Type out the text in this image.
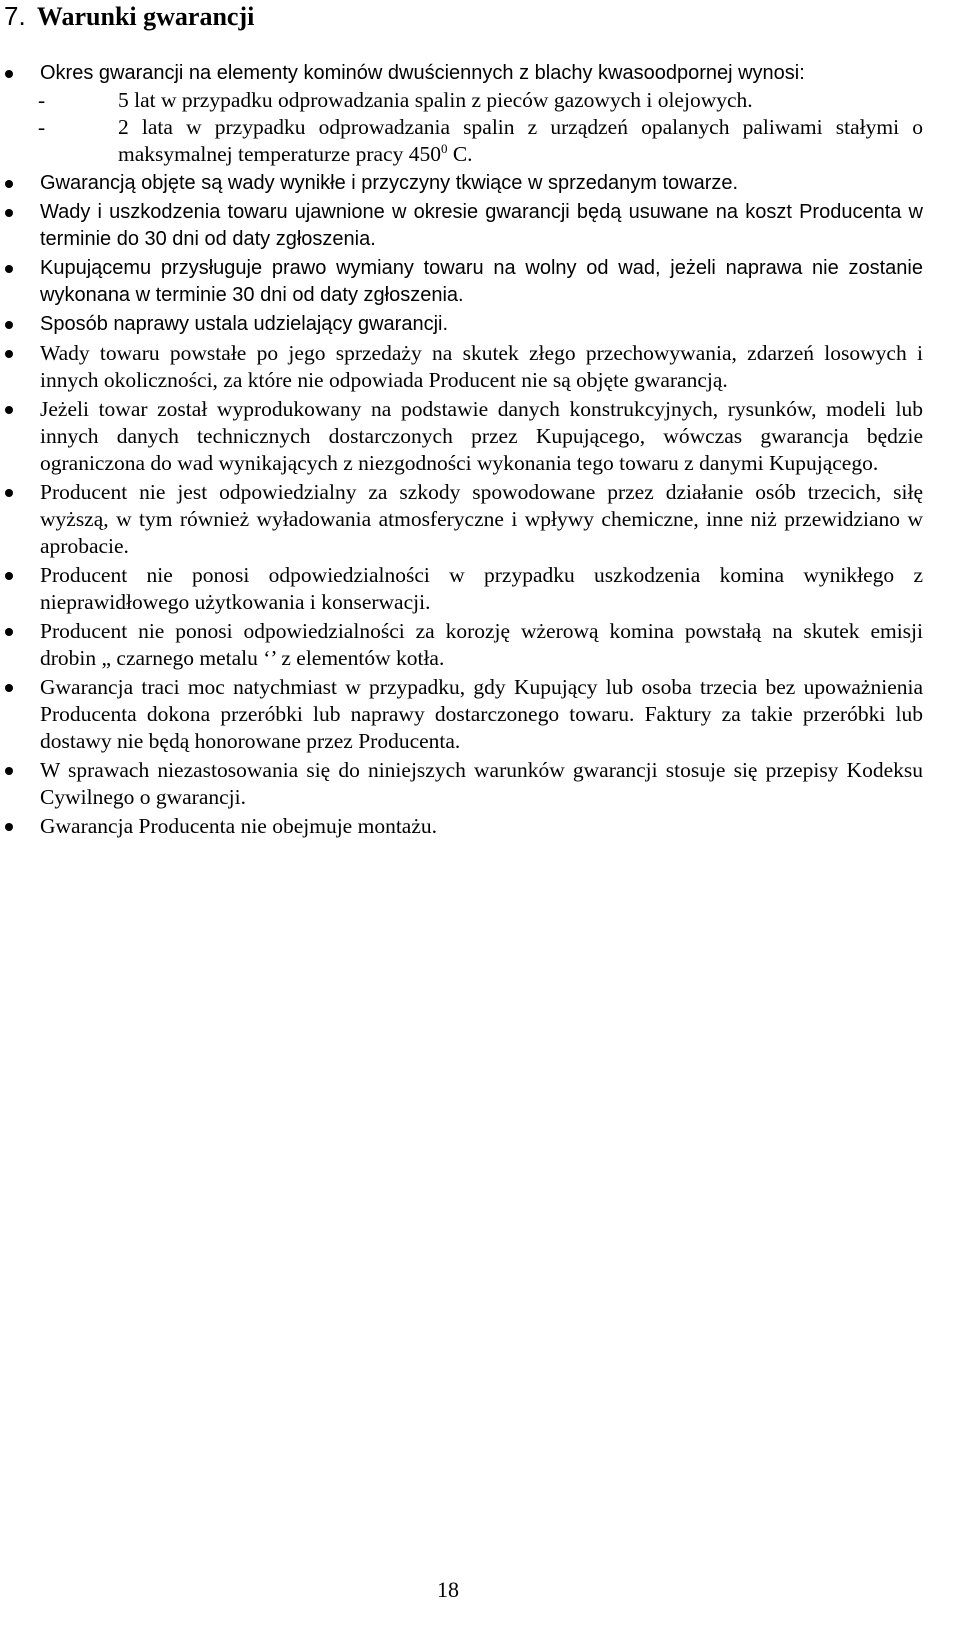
7. Warunki gwarancji
Okres gwarancji na elementy kominów dwuściennych z blachy kwasoodpornej wynosi:
-	5 lat w przypadku odprowadzania spalin z pieców gazowych i olejowych.
-	2 lata w przypadku odprowadzania spalin z urządzeń opalanych paliwami stałymi o maksymalnej temperaturze pracy $450^0$ C.
Gwarancją objęte są wady wynikłe i przyczyny tkwiące w sprzedanym towarze.
Wady i uszkodzenia towaru ujawnione w okresie gwarancji będą usuwane na koszt Producenta w terminie do 30 dni od daty zgłoszenia.
Kupującemu przysługuje prawo wymiany towaru na wolny od wad, jeżeli naprawa nie zostanie wykonana w terminie 30 dni od daty zgłoszenia.
Sposób naprawy ustala udzielający gwarancji.
Wady towaru powstałe po jego sprzedaży na skutek złego przechowywania, zdarzeń losowych i innych okoliczności, za które nie odpowiada Producent nie są objęte gwarancją.
Jeżeli towar został wyprodukowany na podstawie danych konstrukcyjnych, rysunków, modeli lub innych danych technicznych dostarczonych przez Kupującego, wówczas gwarancja będzie ograniczona do wad wynikających z niezgodności wykonania tego towaru z danymi Kupującego.
Producent nie jest odpowiedzialny za szkody spowodowane przez działanie osób trzecich, siłę wyższą, w tym również wyładowania atmosferyczne i wpływy chemiczne, inne niż przewidziano w aprobacie.
Producent nie ponosi odpowiedzialności w przypadku uszkodzenia komina wynikłego z nieprawidłowego użytkowania i konserwacji.
Producent nie ponosi odpowiedzialności za korozję wżerową komina powstałą na skutek emisji drobin „ czarnego metalu ‘’ z elementów kotła.
Gwarancja traci moc natychmiast w przypadku, gdy Kupujący lub osoba trzecia bez upoważnienia Producenta dokona przeróbki lub naprawy dostarczonego towaru. Faktury za takie przeróbki lub dostawy nie będą honorowane przez Producenta.
W sprawach niezastosowania się do niniejszych warunków gwarancji stosuje się przepisy Kodeksu Cywilnego o gwarancji.
Gwarancja Producenta nie obejmuje montażu.
18
